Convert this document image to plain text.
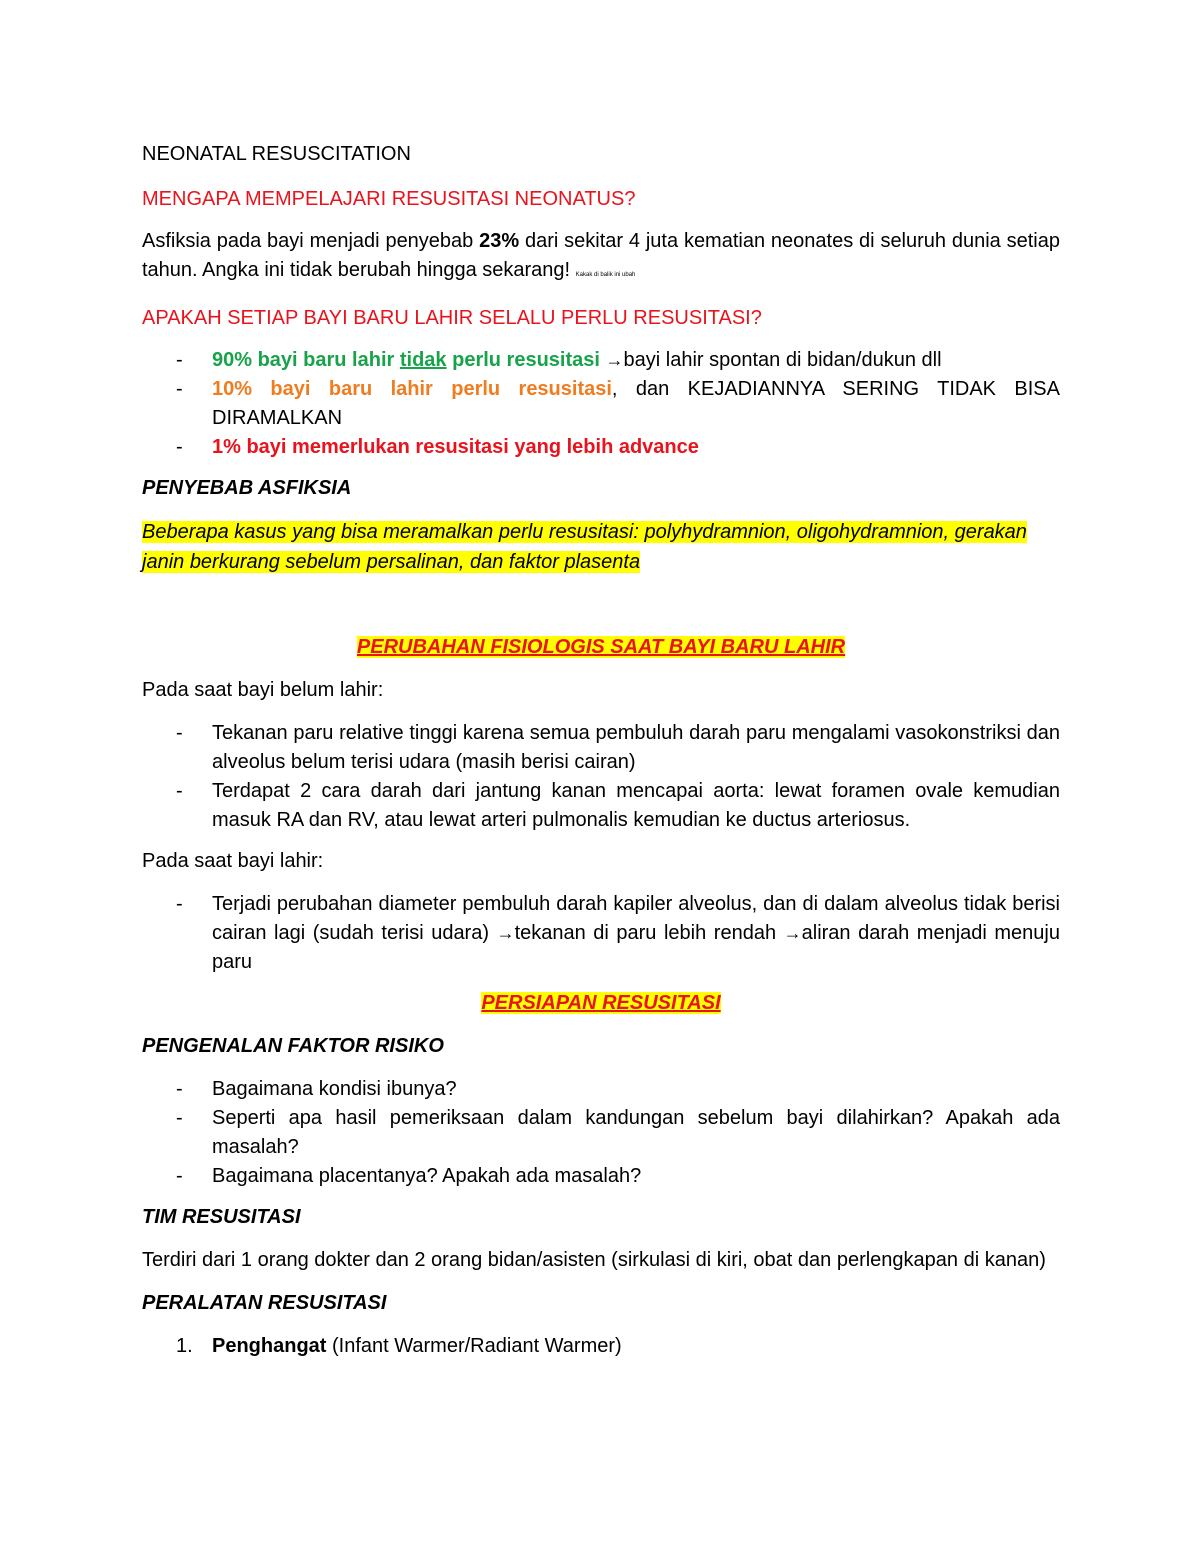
NEONATAL RESUSCITATION
MENGAPA MEMPELAJARI RESUSITASI NEONATUS?

Asfiksia pada bayi menjadi penyebab 23% dari sekitar 4 juta kematian neonates di seluruh dunia setiap tahun. Angka ini tidak berubah hingga sekarang! Kakak di balik ini ubah

APAKAH SETIAP BAYI BARU LAHIR SELALU PERLU RESUSITASI?
- 90% bayi baru lahir tidak perlu resusitasi →bayi lahir spontan di bidan/dukun dll
- 10% bayi baru lahir perlu resusitasi, dan KEJADIANNYA SERING TIDAK BISA DIRAMALKAN
- 1% bayi memerlukan resusitasi yang lebih advance
PENYEBAB ASFIKSIA

Beberapa kasus yang bisa meramalkan perlu resusitasi: polyhydramnion, oligohydramnion, gerakan janin berkurang sebelum persalinan, dan faktor plasenta

PERUBAHAN FISIOLOGIS SAAT BAYI BARU LAHIR
Pada saat bayi belum lahir:
- Tekanan paru relative tinggi karena semua pembuluh darah paru mengalami vasokonstriksi dan alveolus belum terisi udara (masih berisi cairan)
- Terdapat 2 cara darah dari jantung kanan mencapai aorta: lewat foramen ovale kemudian masuk RA dan RV, atau lewat arteri pulmonalis kemudian ke ductus arteriosus.
Pada saat bayi lahir:
- Terjadi perubahan diameter pembuluh darah kapiler alveolus, dan di dalam alveolus tidak berisi cairan lagi (sudah terisi udara) →tekanan di paru lebih rendah →aliran darah menjadi menuju paru
PERSIAPAN RESUSITASI
PENGENALAN FAKTOR RISIKO
- Bagaimana kondisi ibunya?
- Seperti apa hasil pemeriksaan dalam kandungan sebelum bayi dilahirkan? Apakah ada masalah?
- Bagaimana placentanya? Apakah ada masalah?
TIM RESUSITASI

Terdiri dari 1 orang dokter dan 2 orang bidan/asisten (sirkulasi di kiri, obat dan perlengkapan di kanan)

PERALATAN RESUSITASI
1. Penghangat (Infant Warmer/Radiant Warmer)
